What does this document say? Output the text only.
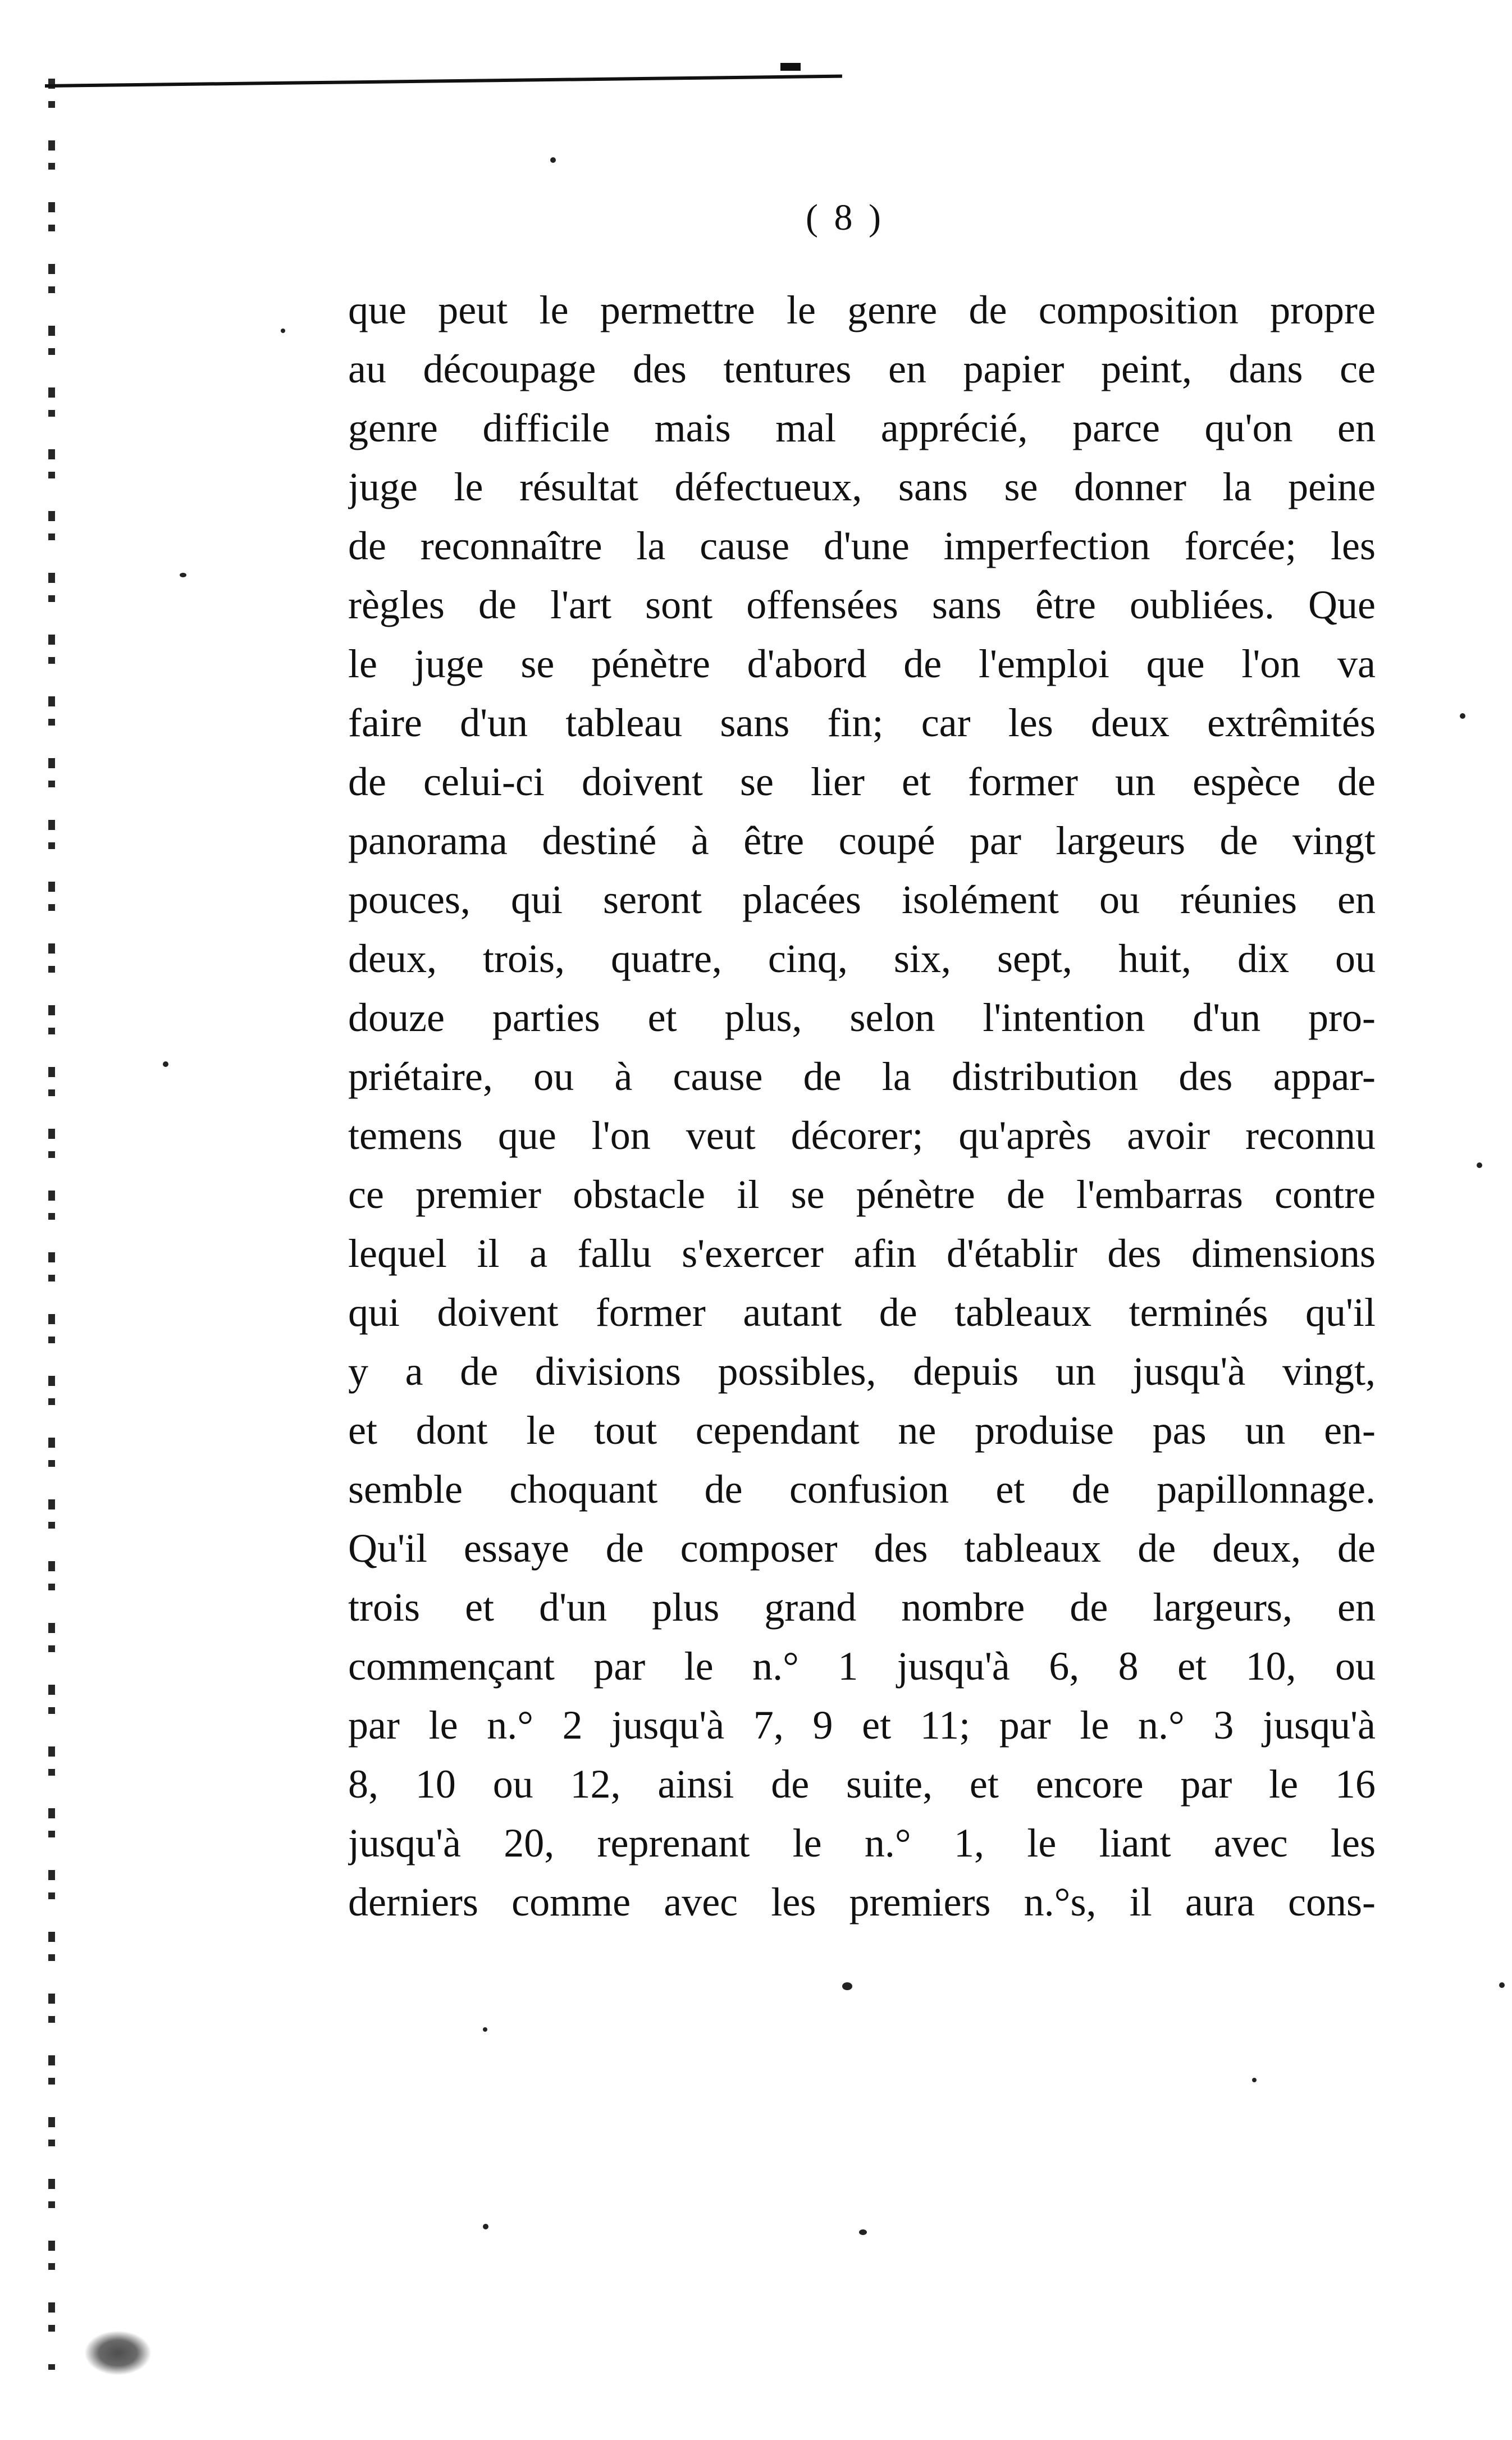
( 8 )
que peut le permettre le genre de composition propre
au découpage des tentures en papier peint, dans ce
genre difficile mais mal apprécié, parce qu'on en
juge le résultat défectueux, sans se donner la peine
de reconnaître la cause d'une imperfection forcée; les
règles de l'art sont offensées sans être oubliées. Que
le juge se pénètre d'abord de l'emploi que l'on va
faire d'un tableau sans fin; car les deux extrêmités
de celui-ci doivent se lier et former un espèce de
panorama destiné à être coupé par largeurs de vingt
pouces, qui seront placées isolément ou réunies en
deux, trois, quatre, cinq, six, sept, huit, dix ou
douze parties et plus, selon l'intention d'un pro-
priétaire, ou à cause de la distribution des appar-
temens que l'on veut décorer; qu'après avoir reconnu
ce premier obstacle il se pénètre de l'embarras contre
lequel il a fallu s'exercer afin d'établir des dimensions
qui doivent former autant de tableaux terminés qu'il
y a de divisions possibles, depuis un jusqu'à vingt,
et dont le tout cependant ne produise pas un en-
semble choquant de confusion et de papillonnage.
Qu'il essaye de composer des tableaux de deux, de
trois et d'un plus grand nombre de largeurs, en
commençant par le n.° 1 jusqu'à 6, 8 et 10, ou
par le n.° 2 jusqu'à 7, 9 et 11; par le n.° 3 jusqu'à
8, 10 ou 12, ainsi de suite, et encore par le 16
jusqu'à 20, reprenant le n.° 1, le liant avec les
derniers comme avec les premiers n.°s, il aura cons-
